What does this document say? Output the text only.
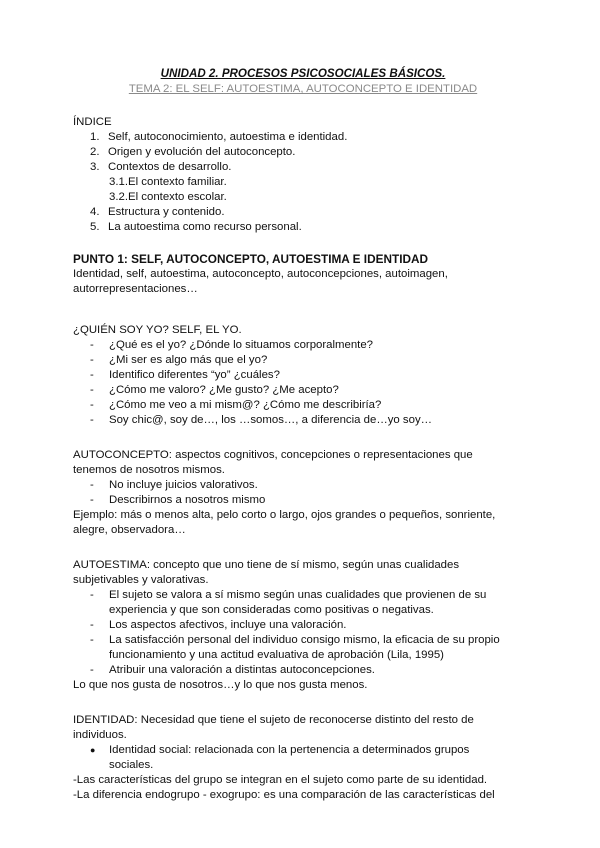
UNIDAD 2. PROCESOS PSICOSOCIALES BÁSICOS.
TEMA 2: EL SELF: AUTOESTIMA, AUTOCONCEPTO E IDENTIDAD
ÍNDICE
1. Self, autoconocimiento, autoestima e identidad.
2. Origen y evolución del autoconcepto.
3. Contextos de desarrollo.
3.1.El contexto familiar.
3.2.El contexto escolar.
4. Estructura y contenido.
5. La autoestima como recurso personal.
PUNTO 1: SELF, AUTOCONCEPTO, AUTOESTIMA E IDENTIDAD
Identidad, self, autoestima, autoconcepto, autoconcepciones, autoimagen,
autorrepresentaciones…
¿QUIÉN SOY YO? SELF, EL YO.
-	¿Qué es el yo? ¿Dónde lo situamos corporalmente?
-	¿Mi ser es algo más que el yo?
-	Identifico diferentes “yo” ¿cuáles?
-	¿Cómo me valoro? ¿Me gusto? ¿Me acepto?
-	¿Cómo me veo a mi mism@? ¿Cómo me describiría?
-	Soy chic@, soy de…, los …somos…, a diferencia de…yo soy…
AUTOCONCEPTO: aspectos cognitivos, concepciones o representaciones que
tenemos de nosotros mismos.
-	No incluye juicios valorativos.
-	Describirnos a nosotros mismo
Ejemplo: más o menos alta, pelo corto o largo, ojos grandes o pequeños, sonriente,
alegre, observadora…
AUTOESTIMA: concepto que uno tiene de sí mismo, según unas cualidades
subjetivables y valorativas.
-	El sujeto se valora a sí mismo según unas cualidades que provienen de su
experiencia y que son consideradas como positivas o negativas.
-	Los aspectos afectivos, incluye una valoración.
-	La satisfacción personal del individuo consigo mismo, la eficacia de su propio
funcionamiento y una actitud evaluativa de aprobación (Lila, 1995)
-	Atribuir una valoración a distintas autoconcepciones.
Lo que nos gusta de nosotros…y lo que nos gusta menos.
IDENTIDAD: Necesidad que tiene el sujeto de reconocerse distinto del resto de
individuos.
●	Identidad social: relacionada con la pertenencia a determinados grupos
sociales.
-Las características del grupo se integran en el sujeto como parte de su identidad.
-La diferencia endogrupo - exogrupo: es una comparación de las características del
